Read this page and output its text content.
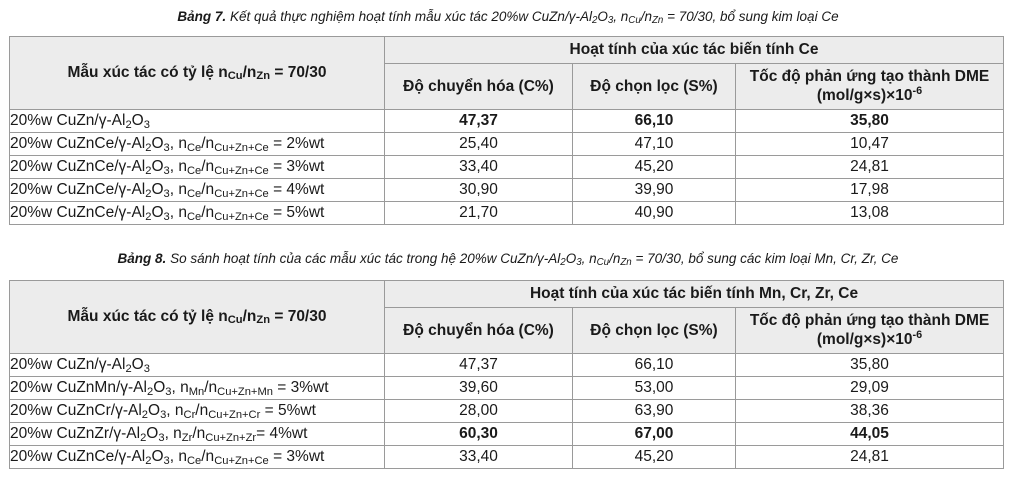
Bảng 7. Kết quả thực nghiệm hoạt tính mẫu xúc tác 20%w CuZn/γ-Al2O3, nCu/nZn = 70/30, bổ sung kim loại Ce
Mẫu xúc tác có tỷ lệ nCu/nZn = 70/30	Hoạt tính của xúc tác biến tính Ce		
	Độ chuyển hóa (C%)	Độ chọn lọc (S%)	Tốc độ phản ứng tạo thành DME
$(mol/g\times s)\times 10^{-6}$
20%w CuZn/γ-Al2O3	47,37	66,10	35,80
20%w CuZnCe/γ-Al2O3, nCe/nCu+Zn+Ce = 2%wt	25,40	47,10	10,47
20%w CuZnCe/γ-Al2O3, nCe/nCu+Zn+Ce = 3%wt	33,40	45,20	24,81
20%w CuZnCe/γ-Al2O3, nCe/nCu+Zn+Ce = 4%wt	30,90	39,90	17,98
20%w CuZnCe/γ-Al2O3, nCe/nCu+Zn+Ce = 5%wt	21,70	40,90	13,08
Bảng 8. So sánh hoạt tính của các mẫu xúc tác trong hệ 20%w CuZn/γ-Al2O3, nCu/nZn = 70/30, bổ sung các kim loại Mn, Cr, Zr, Ce
Mẫu xúc tác có tỷ lệ nCu/nZn = 70/30	Hoạt tính của xúc tác biến tính Mn, Cr, Zr, Ce		
	Độ chuyển hóa (C%)	Độ chọn lọc (S%)	Tốc độ phản ứng tạo thành DME
$(mol/g\times s)\times 10^{-6}$
20%w CuZn/γ-Al2O3	47,37	66,10	35,80
20%w CuZnMn/γ-Al2O3, nMn/nCu+Zn+Mn = 3%wt	39,60	53,00	29,09
20%w CuZnCr/γ-Al2O3, nCr/nCu+Zn+Cr = 5%wt	28,00	63,90	38,36
20%w CuZnZr/γ-Al2O3, nZr/nCu+Zn+Zr= 4%wt	60,30	67,00	44,05
20%w CuZnCe/γ-Al2O3, nCe/nCu+Zn+Ce = 3%wt	33,40	45,20	24,81
